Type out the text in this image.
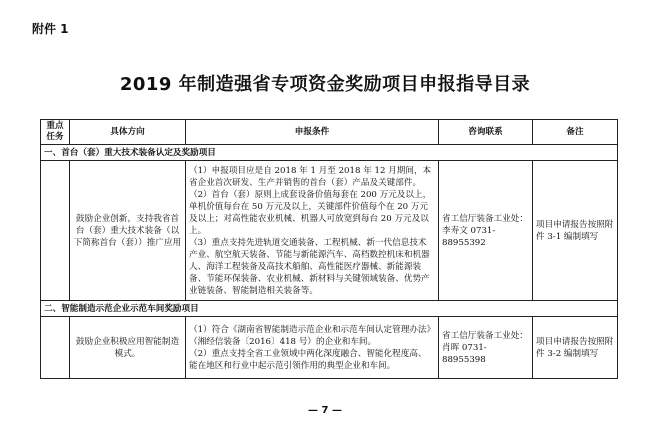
附件 1
2019 年制造强省专项资金奖励项目申报指导目录
重点
任务	具体方向	申报条件	咨询联系	备注
一、首台（套）重大技术装备认定及奖励项目				
	鼓励企业创新，支持我省首台（套）重大技术装备（以下简称首台（套））推广应用	（1）申报项目应是自 2018 年 1 月至 2018 年 12 月期间，本省企业首次研发、生产并销售的首台（套）产品及关键部件。

（2）首台（套）原则上成套设备价值每套在 200 万元及以上，单机价值每台在 50 万元及以上，关键部件价值每个在 20 万元及以上；对高性能农业机械、机器人可放宽到每台 20 万元及以上。

（3）重点支持先进轨道交通装备、工程机械、新一代信息技术产业、航空航天装备、节能与新能源汽车、高档数控机床和机器人、海洋工程装备及高技术船舶、高性能医疗器械、新能源装备、节能环保装备、农业机械、新材料与关键领域装备、优势产业链装备、智能制造相关装备等。	省工信厅装备工业处：李寿文 0731-88955392	项目申请报告按照附件 3-1 编制填写
二、智能制造示范企业示范车间奖励项目				
	鼓励企业积极应用智能制造模式。	（1）符合《湖南省智能制造示范企业和示范车间认定管理办法》（湘经信装备〔2016〕418 号）的企业和车间。

（2）重点支持全省工业领域中两化深度融合、智能化程度高、能在地区和行业中起示范引领作用的典型企业和车间。	省工信厅装备工业处：肖晖 0731-88955398	项目申请报告按照附件 3-2 编制填写
— 7 —
